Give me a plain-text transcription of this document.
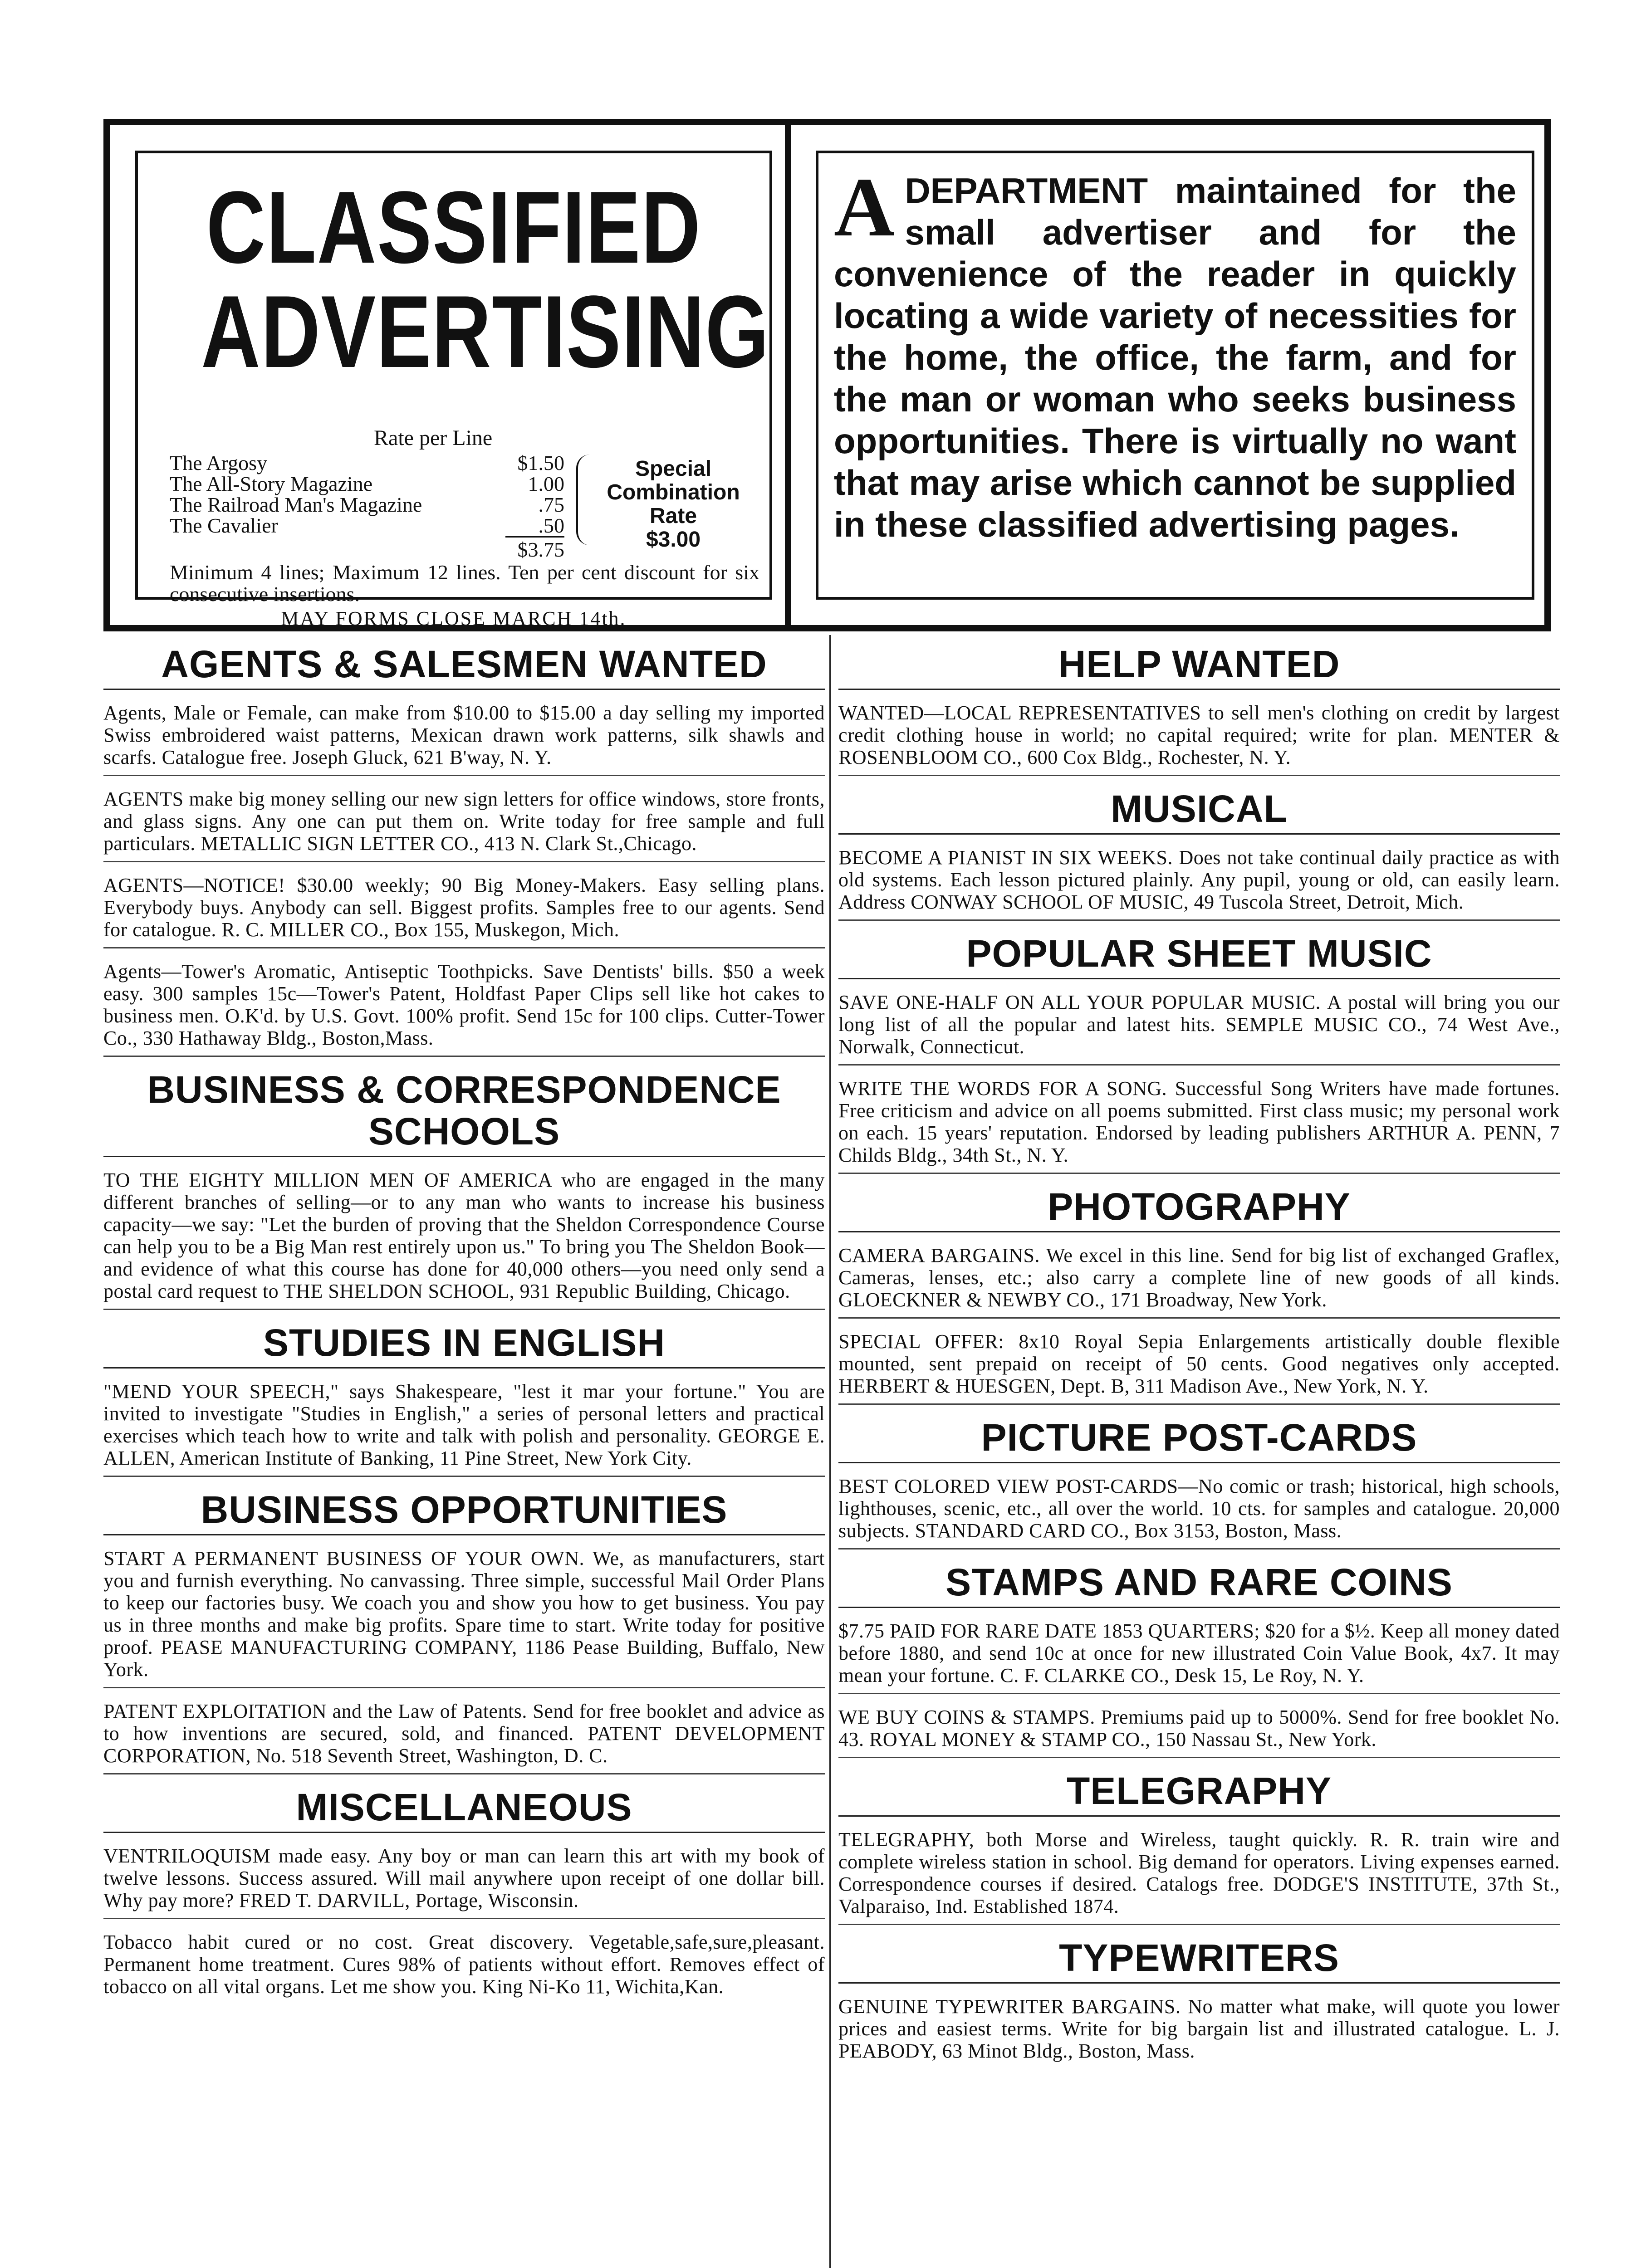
CLASSIFIED
ADVERTISING
Rate per Line
The Argosy	$1.50
The All-Story Magazine	1.00
The Railroad Man's Magazine	.75
The Cavalier	.50
$3.75
Special
Combination
Rate
$3.00
Minimum 4 lines; Maximum 12 lines. Ten per cent discount for six consecutive insertions.
MAY FORMS CLOSE MARCH 14th.

ADEPARTMENT maintained for the small advertiser and for the convenience of the reader in quickly locating a wide variety of necessities for the home, the office, the farm, and for the man or woman who seeks business opportunities. There is virtually no want that may arise which cannot be supplied in these classified advertising pages.

AGENTS & SALESMEN WANTED

Agents, Male or Female, can make from $10.00 to $15.00 a day selling my imported Swiss embroidered waist patterns, Mexican drawn work patterns, silk shawls and scarfs. Catalogue free. Joseph Gluck, 621 B'way, N. Y.

AGENTS make big money selling our new sign letters for office windows, store fronts, and glass signs. Any one can put them on. Write today for free sample and full particulars. METALLIC SIGN LETTER CO., 413 N. Clark St.,Chicago.

AGENTS—NOTICE! $30.00 weekly; 90 Big Money-Makers. Easy selling plans. Everybody buys. Anybody can sell. Biggest profits. Samples free to our agents. Send for catalogue. R. C. MILLER CO., Box 155, Muskegon, Mich.

Agents—Tower's Aromatic, Antiseptic Toothpicks. Save Dentists' bills. $50 a week easy. 300 samples 15c—Tower's Patent, Holdfast Paper Clips sell like hot cakes to business men. O.K'd. by U.S. Govt. 100% profit. Send 15c for 100 clips. Cutter-Tower Co., 330 Hathaway Bldg., Boston,Mass.

BUSINESS & CORRESPONDENCE SCHOOLS

TO THE EIGHTY MILLION MEN OF AMERICA who are engaged in the many different branches of selling—or to any man who wants to increase his business capacity—we say: "Let the burden of proving that the Sheldon Correspondence Course can help you to be a Big Man rest entirely upon us." To bring you The Sheldon Book—and evidence of what this course has done for 40,000 others—you need only send a postal card request to THE SHELDON SCHOOL, 931 Republic Building, Chicago.

STUDIES IN ENGLISH

"MEND YOUR SPEECH," says Shakespeare, "lest it mar your fortune." You are invited to investigate "Studies in English," a series of personal letters and practical exercises which teach how to write and talk with polish and personality. GEORGE E. ALLEN, American Institute of Banking, 11 Pine Street, New York City.

BUSINESS OPPORTUNITIES

START A PERMANENT BUSINESS OF YOUR OWN. We, as manufacturers, start you and furnish everything. No canvassing. Three simple, successful Mail Order Plans to keep our factories busy. We coach you and show you how to get business. You pay us in three months and make big profits. Spare time to start. Write today for positive proof. PEASE MANUFACTURING COMPANY, 1186 Pease Building, Buffalo, New York.

PATENT EXPLOITATION and the Law of Patents. Send for free booklet and advice as to how inventions are secured, sold, and financed. PATENT DEVELOPMENT CORPORATION, No. 518 Seventh Street, Washington, D. C.

MISCELLANEOUS

VENTRILOQUISM made easy. Any boy or man can learn this art with my book of twelve lessons. Success assured. Will mail anywhere upon receipt of one dollar bill. Why pay more? FRED T. DARVILL, Portage, Wisconsin.

Tobacco habit cured or no cost. Great discovery. Vegetable,safe,sure,pleasant. Permanent home treatment. Cures 98% of patients without effort. Removes effect of tobacco on all vital organs. Let me show you. King Ni-Ko 11, Wichita,Kan.

HELP WANTED

WANTED—LOCAL REPRESENTATIVES to sell men's clothing on credit by largest credit clothing house in world; no capital required; write for plan. MENTER & ROSENBLOOM CO., 600 Cox Bldg., Rochester, N. Y.

MUSICAL

BECOME A PIANIST IN SIX WEEKS. Does not take continual daily practice as with old systems. Each lesson pictured plainly. Any pupil, young or old, can easily learn. Address CONWAY SCHOOL OF MUSIC, 49 Tuscola Street, Detroit, Mich.

POPULAR SHEET MUSIC

SAVE ONE-HALF ON ALL YOUR POPULAR MUSIC. A postal will bring you our long list of all the popular and latest hits. SEMPLE MUSIC CO., 74 West Ave., Norwalk, Connecticut.

WRITE THE WORDS FOR A SONG. Successful Song Writers have made fortunes. Free criticism and advice on all poems submitted. First class music; my personal work on each. 15 years' reputation. Endorsed by leading publishers ARTHUR A. PENN, 7 Childs Bldg., 34th St., N. Y.

PHOTOGRAPHY

CAMERA BARGAINS. We excel in this line. Send for big list of exchanged Graflex, Cameras, lenses, etc.; also carry a complete line of new goods of all kinds. GLOECKNER & NEWBY CO., 171 Broadway, New York.

SPECIAL OFFER: 8x10 Royal Sepia Enlargements artistically double flexible mounted, sent prepaid on receipt of 50 cents. Good negatives only accepted. HERBERT & HUESGEN, Dept. B, 311 Madison Ave., New York, N. Y.

PICTURE POST-CARDS

BEST COLORED VIEW POST-CARDS—No comic or trash; historical, high schools, lighthouses, scenic, etc., all over the world. 10 cts. for samples and catalogue. 20,000 subjects. STANDARD CARD CO., Box 3153, Boston, Mass.

STAMPS AND RARE COINS

$7.75 PAID FOR RARE DATE 1853 QUARTERS; $20 for a $½. Keep all money dated before 1880, and send 10c at once for new illustrated Coin Value Book, 4x7. It may mean your fortune. C. F. CLARKE CO., Desk 15, Le Roy, N. Y.

WE BUY COINS & STAMPS. Premiums paid up to 5000%. Send for free booklet No. 43. ROYAL MONEY & STAMP CO., 150 Nassau St., New York.

TELEGRAPHY

TELEGRAPHY, both Morse and Wireless, taught quickly. R. R. train wire and complete wireless station in school. Big demand for operators. Living expenses earned. Correspondence courses if desired. Catalogs free. DODGE'S INSTITUTE, 37th St., Valparaiso, Ind. Established 1874.

TYPEWRITERS

GENUINE TYPEWRITER BARGAINS. No matter what make, will quote you lower prices and easiest terms. Write for big bargain list and illustrated catalogue. L. J. PEABODY, 63 Minot Bldg., Boston, Mass.
